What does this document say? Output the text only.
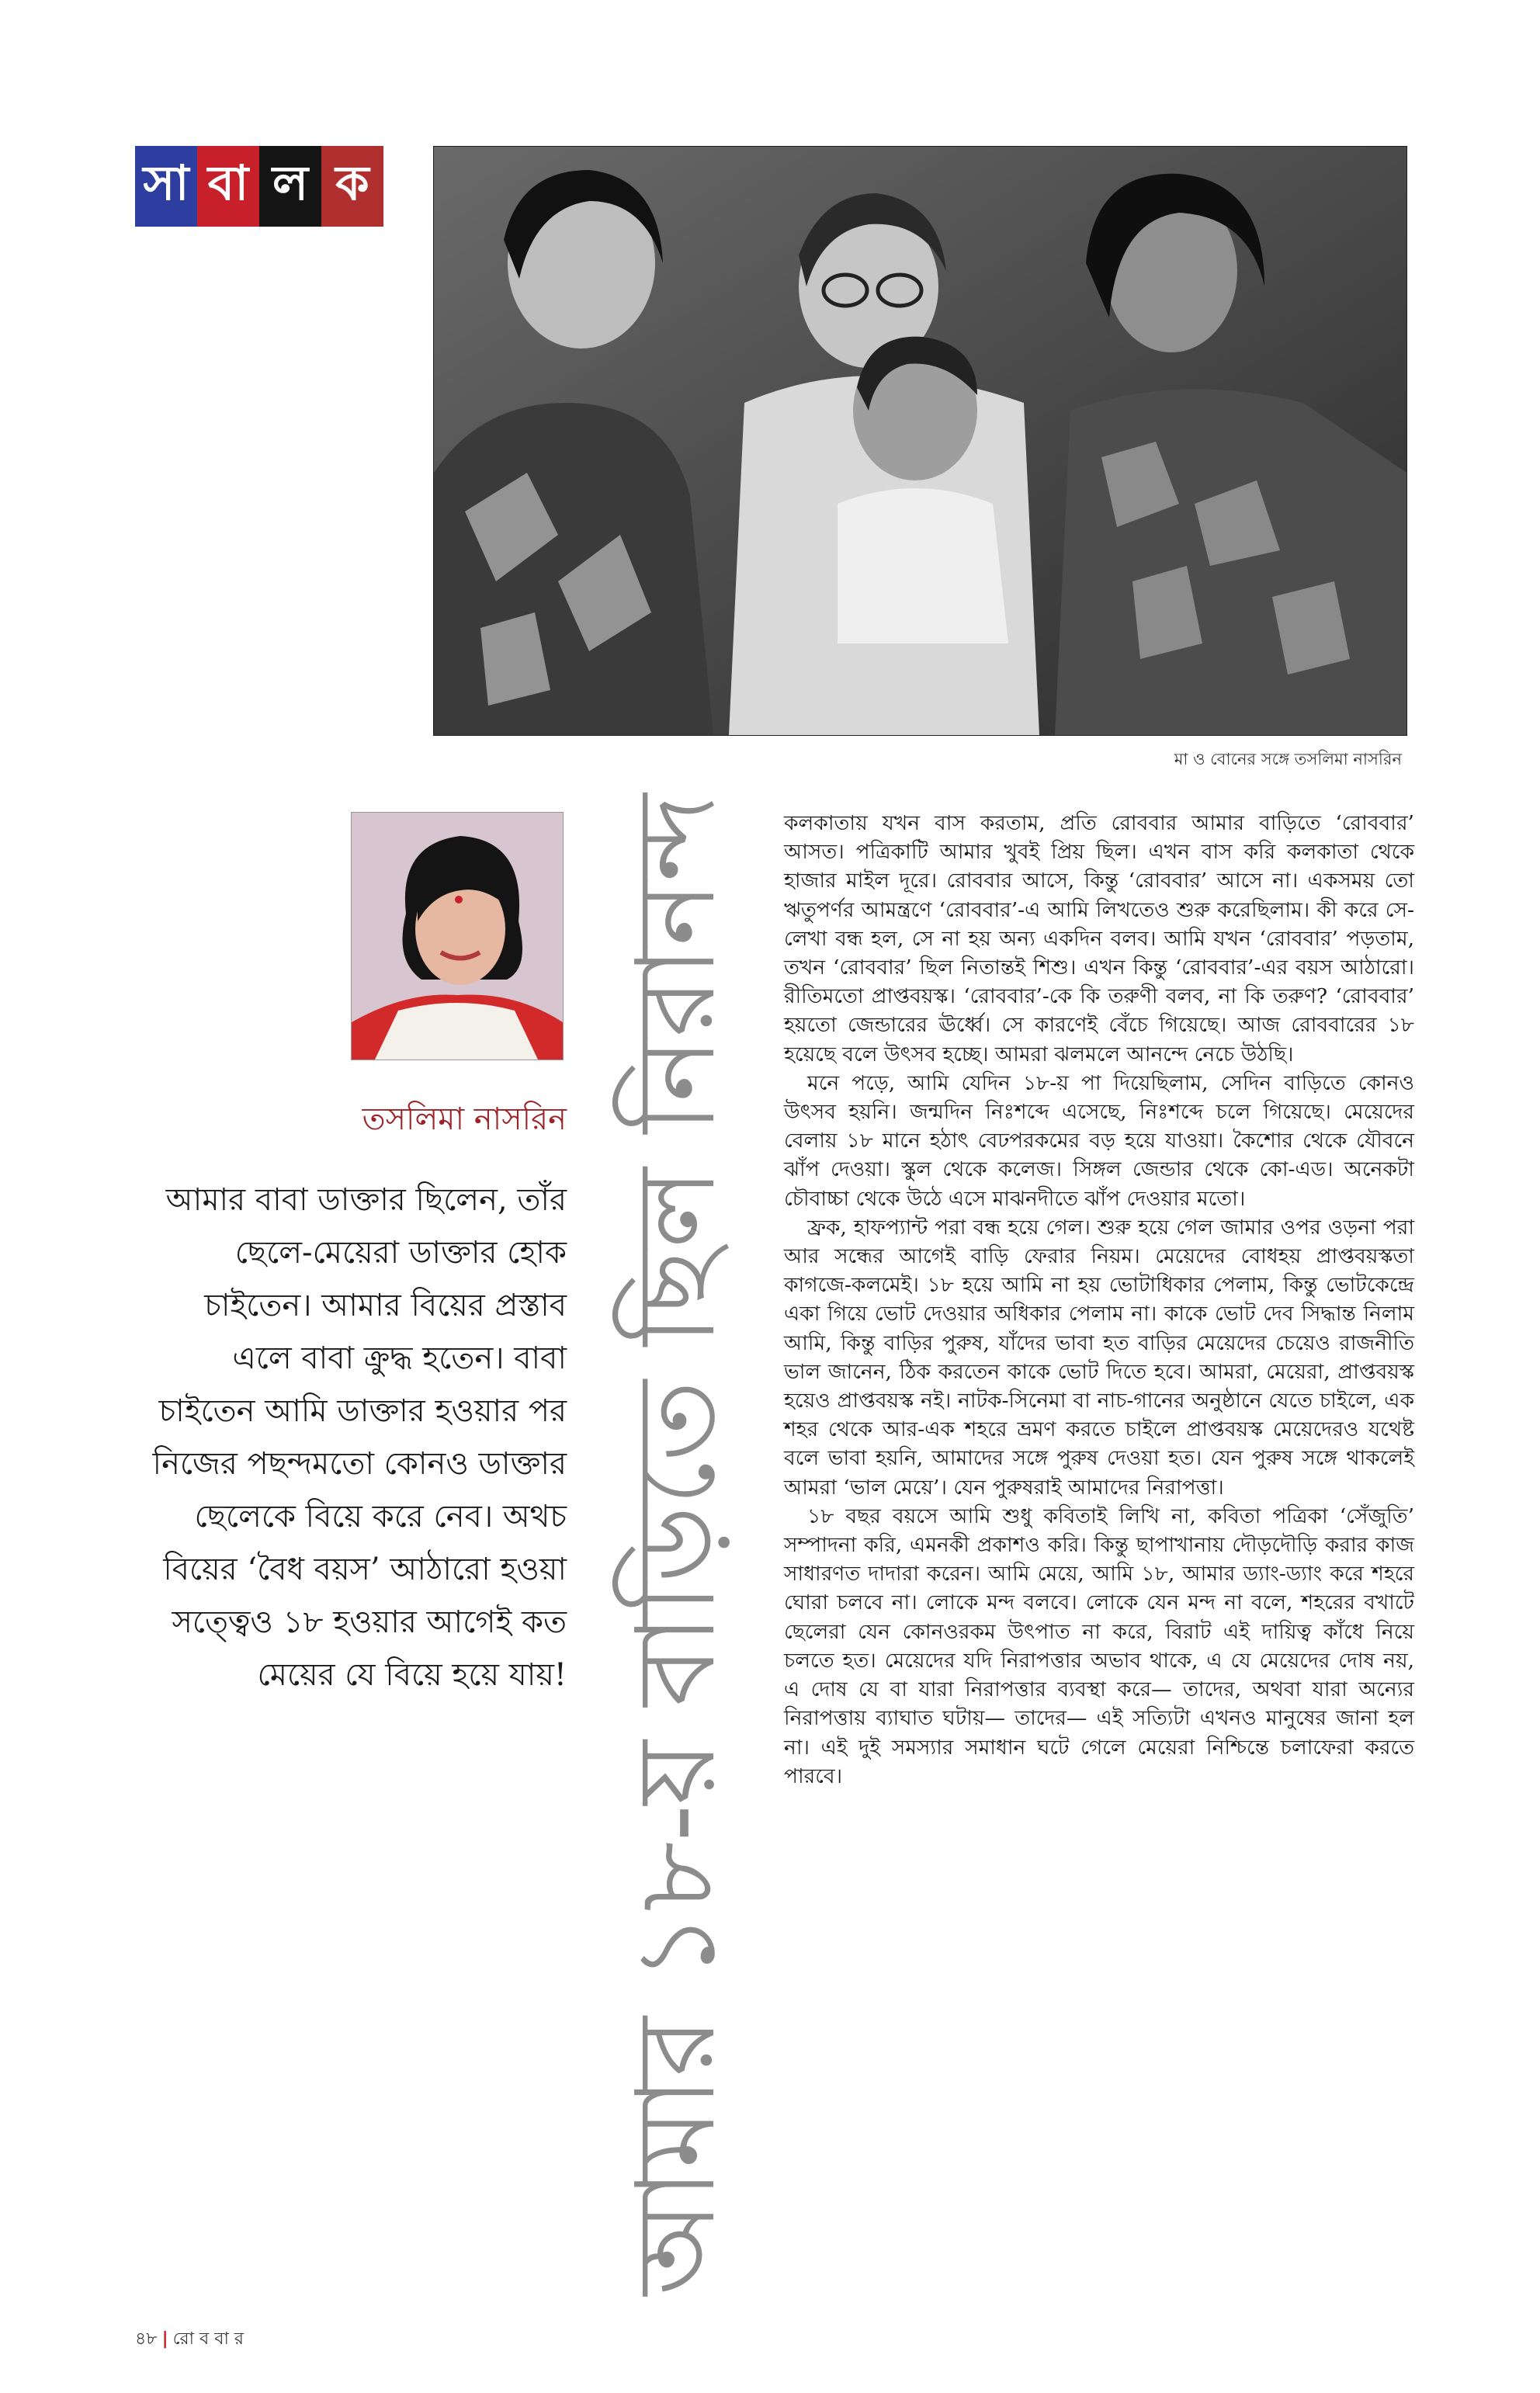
সা বা ল ক
মা ও বোনের সঙ্গে তসলিমা নাসরিন
তসলিমা নাসরিন
আমার বাবা ডাক্তার ছিলেন, তাঁর ছেলে-মেয়েরা ডাক্তার হোক চাইতেন। আমার বিয়ের প্রস্তাব এলে বাবা ক্রুদ্ধ হতেন। বাবা চাইতেন আমি ডাক্তার হওয়ার পর নিজের পছন্দমতো কোনও ডাক্তার ছেলেকে বিয়ে করে নেব। অথচ বিয়ের ‘বৈধ বয়স’ আঠারো হওয়া সত্ত্বেও ১৮ হওয়ার আগেই কত মেয়ের যে বিয়ে হয়ে যায়! আমার ১৮-য় বাড়িতে ছিল নিরানন্দ কলকাতায় যখন বাস করতাম, প্রতি রোববার আমার বাড়িতে ‘রোববার’ আসত। পত্রিকাটি আমার খুবই প্রিয় ছিল। এখন বাস করি কলকাতা থেকে হাজার মাইল দূরে। রোববার আসে, কিন্তু ‘রোববার’ আসে না। একসময় তো ঋতুপর্ণর আমন্ত্রণে ‘রোববার’-এ আমি লিখতেও শুরু করেছিলাম। কী করে সে-লেখা বন্ধ হল, সে না হয় অন্য একদিন বলব। আমি যখন ‘রোববার’ পড়তাম, তখন ‘রোববার’ ছিল নিতান্তই শিশু। এখন কিন্তু ‘রোববার’-এর বয়স আঠারো। রীতিমতো প্রাপ্তবয়স্ক। ‘রোববার’-কে কি তরুণী বলব, না কি তরুণ? ‘রোববার’ হয়তো জেন্ডারের ঊর্ধ্বে। সে কারণেই বেঁচে গিয়েছে। আজ রোববারের ১৮ হয়েছে বলে উৎসব হচ্ছে। আমরা ঝলমলে আনন্দে নেচে উঠছি।

মনে পড়ে, আমি যেদিন ১৮-য় পা দিয়েছিলাম, সেদিন বাড়িতে কোনও উৎসব হয়নি। জন্মদিন নিঃশব্দে এসেছে, নিঃশব্দে চলে গিয়েছে। মেয়েদের বেলায় ১৮ মানে হঠাৎ বেঢপরকমের বড় হয়ে যাওয়া। কৈশোর থেকে যৌবনে ঝাঁপ দেওয়া। স্কুল থেকে কলেজ। সিঙ্গল জেন্ডার থেকে কো-এড। অনেকটা চৌবাচ্চা থেকে উঠে এসে মাঝনদীতে ঝাঁপ দেওয়ার মতো।

ফ্রক, হাফপ্যান্ট পরা বন্ধ হয়ে গেল। শুরু হয়ে গেল জামার ওপর ওড়না পরা আর সন্ধের আগেই বাড়ি ফেরার নিয়ম। মেয়েদের বোধহয় প্রাপ্তবয়স্কতা কাগজে-কলমেই। ১৮ হয়ে আমি না হয় ভোটাধিকার পেলাম, কিন্তু ভোটকেন্দ্রে একা গিয়ে ভোট দেওয়ার অধিকার পেলাম না। কাকে ভোট দেব সিদ্ধান্ত নিলাম আমি, কিন্তু বাড়ির পুরুষ, যাঁদের ভাবা হত বাড়ির মেয়েদের চেয়েও রাজনীতি ভাল জানেন, ঠিক করতেন কাকে ভোট দিতে হবে। আমরা, মেয়েরা, প্রাপ্তবয়স্ক হয়েও প্রাপ্তবয়স্ক নই। নাটক-সিনেমা বা নাচ-গানের অনুষ্ঠানে যেতে চাইলে, এক শহর থেকে আর-এক শহরে ভ্রমণ করতে চাইলে প্রাপ্তবয়স্ক মেয়েদেরও যথেষ্ট বলে ভাবা হয়নি, আমাদের সঙ্গে পুরুষ দেওয়া হত। যেন পুরুষ সঙ্গে থাকলেই আমরা ‘ভাল মেয়ে’। যেন পুরুষরাই আমাদের নিরাপত্তা।

১৮ বছর বয়সে আমি শুধু কবিতাই লিখি না, কবিতা পত্রিকা ‘সেঁজুতি’ সম্পাদনা করি, এমনকী প্রকাশও করি। কিন্তু ছাপাখানায় দৌড়দৌড়ি করার কাজ সাধারণত দাদারা করেন। আমি মেয়ে, আমি ১৮, আমার ড্যাং-ড্যাং করে শহরে ঘোরা চলবে না। লোকে মন্দ বলবে। লোকে যেন মন্দ না বলে, শহরের বখাটে ছেলেরা যেন কোনওরকম উৎপাত না করে, বিরাট এই দায়িত্ব কাঁধে নিয়ে চলতে হত। মেয়েদের যদি নিরাপত্তার অভাব থাকে, এ যে মেয়েদের দোষ নয়, এ দোষ যে বা যারা নিরাপত্তার ব্যবস্থা করে— তাদের, অথবা যারা অন্যের নিরাপত্তায় ব্যাঘাত ঘটায়— তাদের— এই সত্যিটা এখনও মানুষের জানা হল না। এই দুই সমস্যার সমাধান ঘটে গেলে মেয়েরা নিশ্চিন্তে চলাফেরা করতে পারবে।

৪৮ | রো ব বা র
